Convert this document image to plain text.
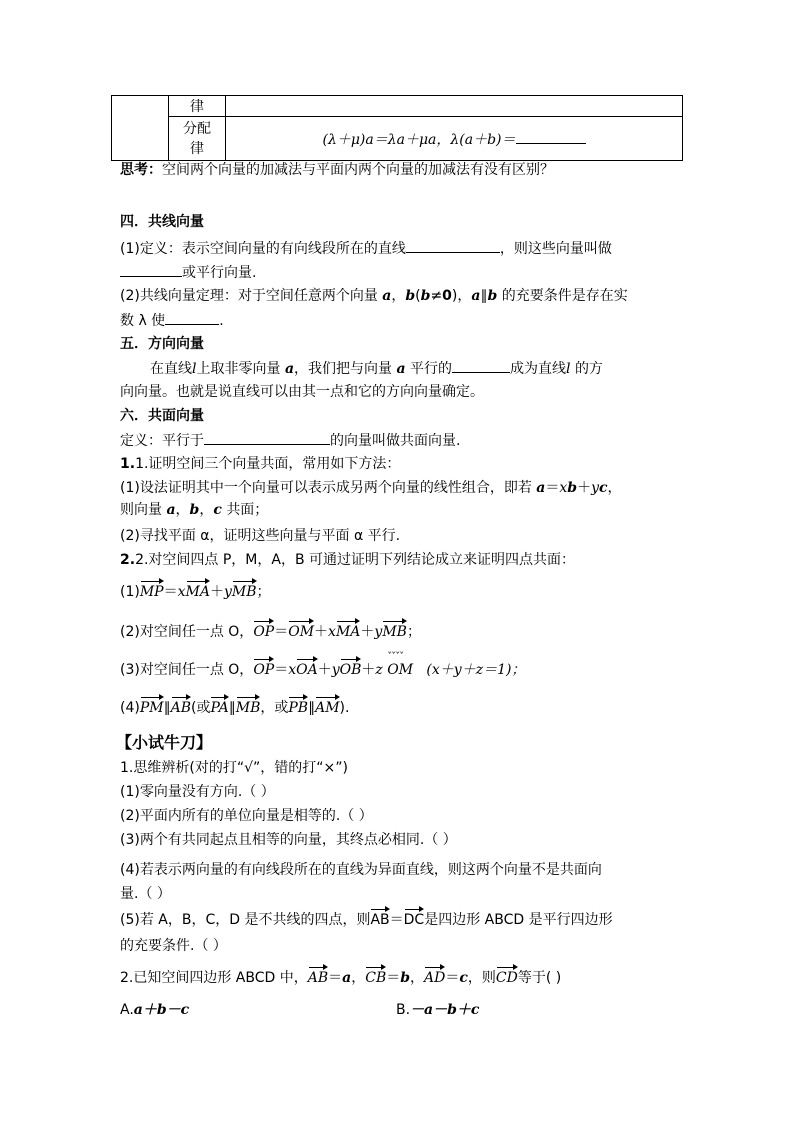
	律	
	分配
律	(λ＋μ)a＝λa＋μa，λ(a＋b)＝
思考：空间两个向量的加减法与平面内两个向量的加减法有没有区别？
四．共线向量
(1)定义：表示空间向量的有向线段所在的直线	，则这些向量叫做
或平行向量.
(2)共线向量定理：对于空间任意两个向量 a，b(b≠0)，a∥b 的充要条件是存在实
数 λ 使	.
五．方向向量
在直线l上取非零向量 a，我们把与向量 a 平行的	成为直线l 的方
向向量。也就是说直线可以由其一点和它的方向向量确定。
六．共面向量
定义：平行于	的向量叫做共面向量.
1.1.证明空间三个向量共面，常用如下方法：
(1)设法证明其中一个向量可以表示成另两个向量的线性组合，即若 a＝xb＋yc，
则向量 a，b，c 共面；
(2)寻找平面 α，证明这些向量与平面 α 平行.
2.2.对空间四点 P，M，A，B 可通过证明下列结论成立来证明四点共面：
(1)MP＝xMA＋yMB；
(2)对空间任一点 O，OP＝OM＋xMA＋yMB；
(3)对空间任一点 O，OP＝xOA＋yOB＋z ˇˇˇˇ OM (x＋y＋z＝1)；
(4)PM∥AB(或PA∥MB，或PB∥AM).
【小试牛刀】
1.思维辨析(对的打“√”，错的打“×”)
(1)零向量没有方向.（ ）
(2)平面内所有的单位向量是相等的.（ ）
(3)两个有共同起点且相等的向量，其终点必相同.（ ）
(4)若表示两向量的有向线段所在的直线为异面直线，则这两个向量不是共面向
量.（ ）
(5)若 A，B，C，D 是不共线的四点，则AB＝DC是四边形 ABCD 是平行四边形
的充要条件.（ ）
2.已知空间四边形 ABCD 中，AB＝a，CB＝b，AD＝c，则CD等于( )
A.a＋b－c	B.－a－b＋c
